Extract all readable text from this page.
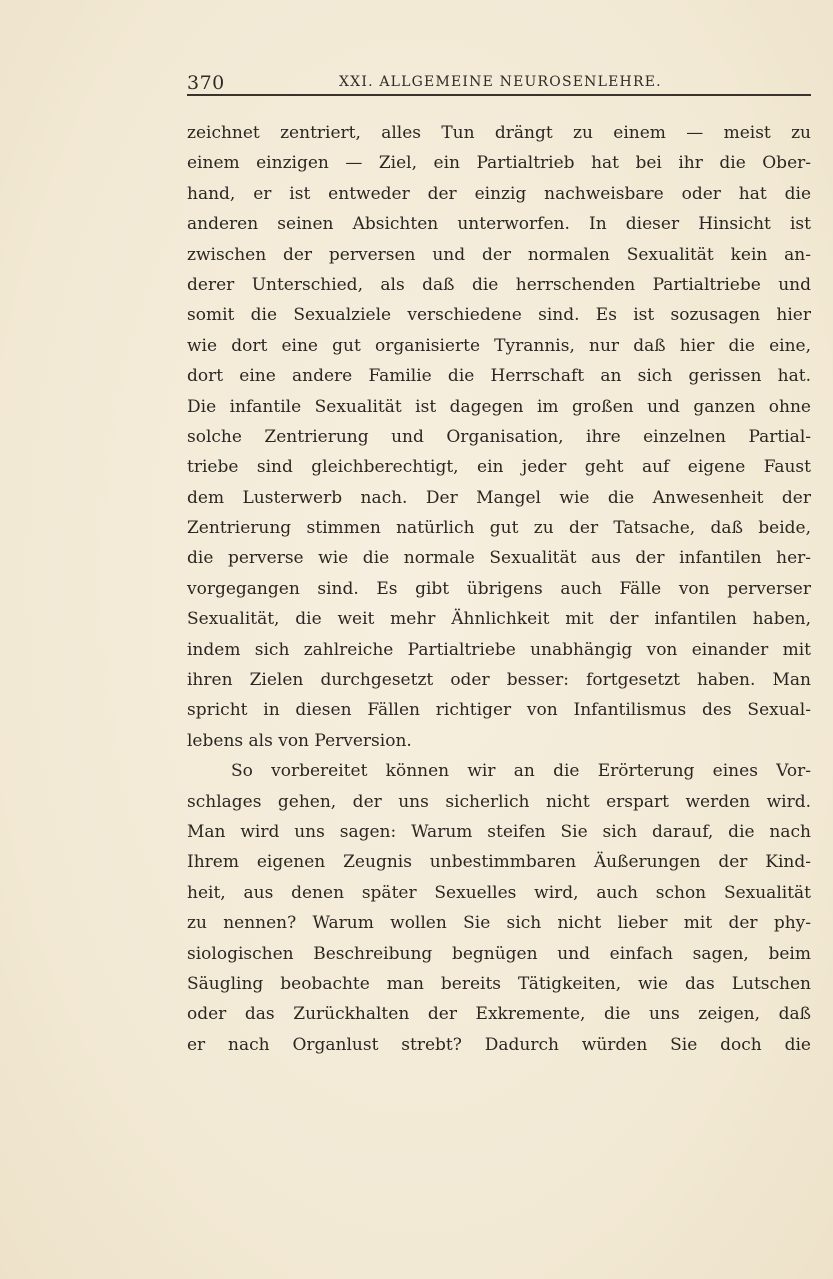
370	XXI. ALLGEMEINE NEUROSENLEHRE.
zeichnet zentriert, alles Tun drängt zu einem — meist zu
einem einzigen — Ziel, ein Partialtrieb hat bei ihr die Ober-
hand, er ist entweder der einzig nachweisbare oder hat die
anderen seinen Absichten unterworfen. In dieser Hinsicht ist
zwischen der perversen und der normalen Sexualität kein an-
derer Unterschied, als daß die herrschenden Partialtriebe und
somit die Sexualziele verschiedene sind. Es ist sozusagen hier
wie dort eine gut organisierte Tyrannis, nur daß hier die eine,
dort eine andere Familie die Herrschaft an sich gerissen hat.
Die infantile Sexualität ist dagegen im großen und ganzen ohne
solche Zentrierung und Organisation, ihre einzelnen Partial-
triebe sind gleichberechtigt, ein jeder geht auf eigene Faust
dem Lusterwerb nach. Der Mangel wie die Anwesenheit der
Zentrierung stimmen natürlich gut zu der Tatsache, daß beide,
die perverse wie die normale Sexualität aus der infantilen her-
vorgegangen sind. Es gibt übrigens auch Fälle von perverser
Sexualität, die weit mehr Ähnlichkeit mit der infantilen haben,
indem sich zahlreiche Partialtriebe unabhängig von einander mit
ihren Zielen durchgesetzt oder besser: fortgesetzt haben. Man
spricht in diesen Fällen richtiger von Infantilismus des Sexual-
lebens als von Perversion.
So vorbereitet können wir an die Erörterung eines Vor-
schlages gehen, der uns sicherlich nicht erspart werden wird.
Man wird uns sagen: Warum steifen Sie sich darauf, die nach
Ihrem eigenen Zeugnis unbestimmbaren Äußerungen der Kind-
heit, aus denen später Sexuelles wird, auch schon Sexualität
zu nennen? Warum wollen Sie sich nicht lieber mit der phy-
siologischen Beschreibung begnügen und einfach sagen, beim
Säugling beobachte man bereits Tätigkeiten, wie das Lutschen
oder das Zurückhalten der Exkremente, die uns zeigen, daß
er nach Organlust strebt? Dadurch würden Sie doch die
